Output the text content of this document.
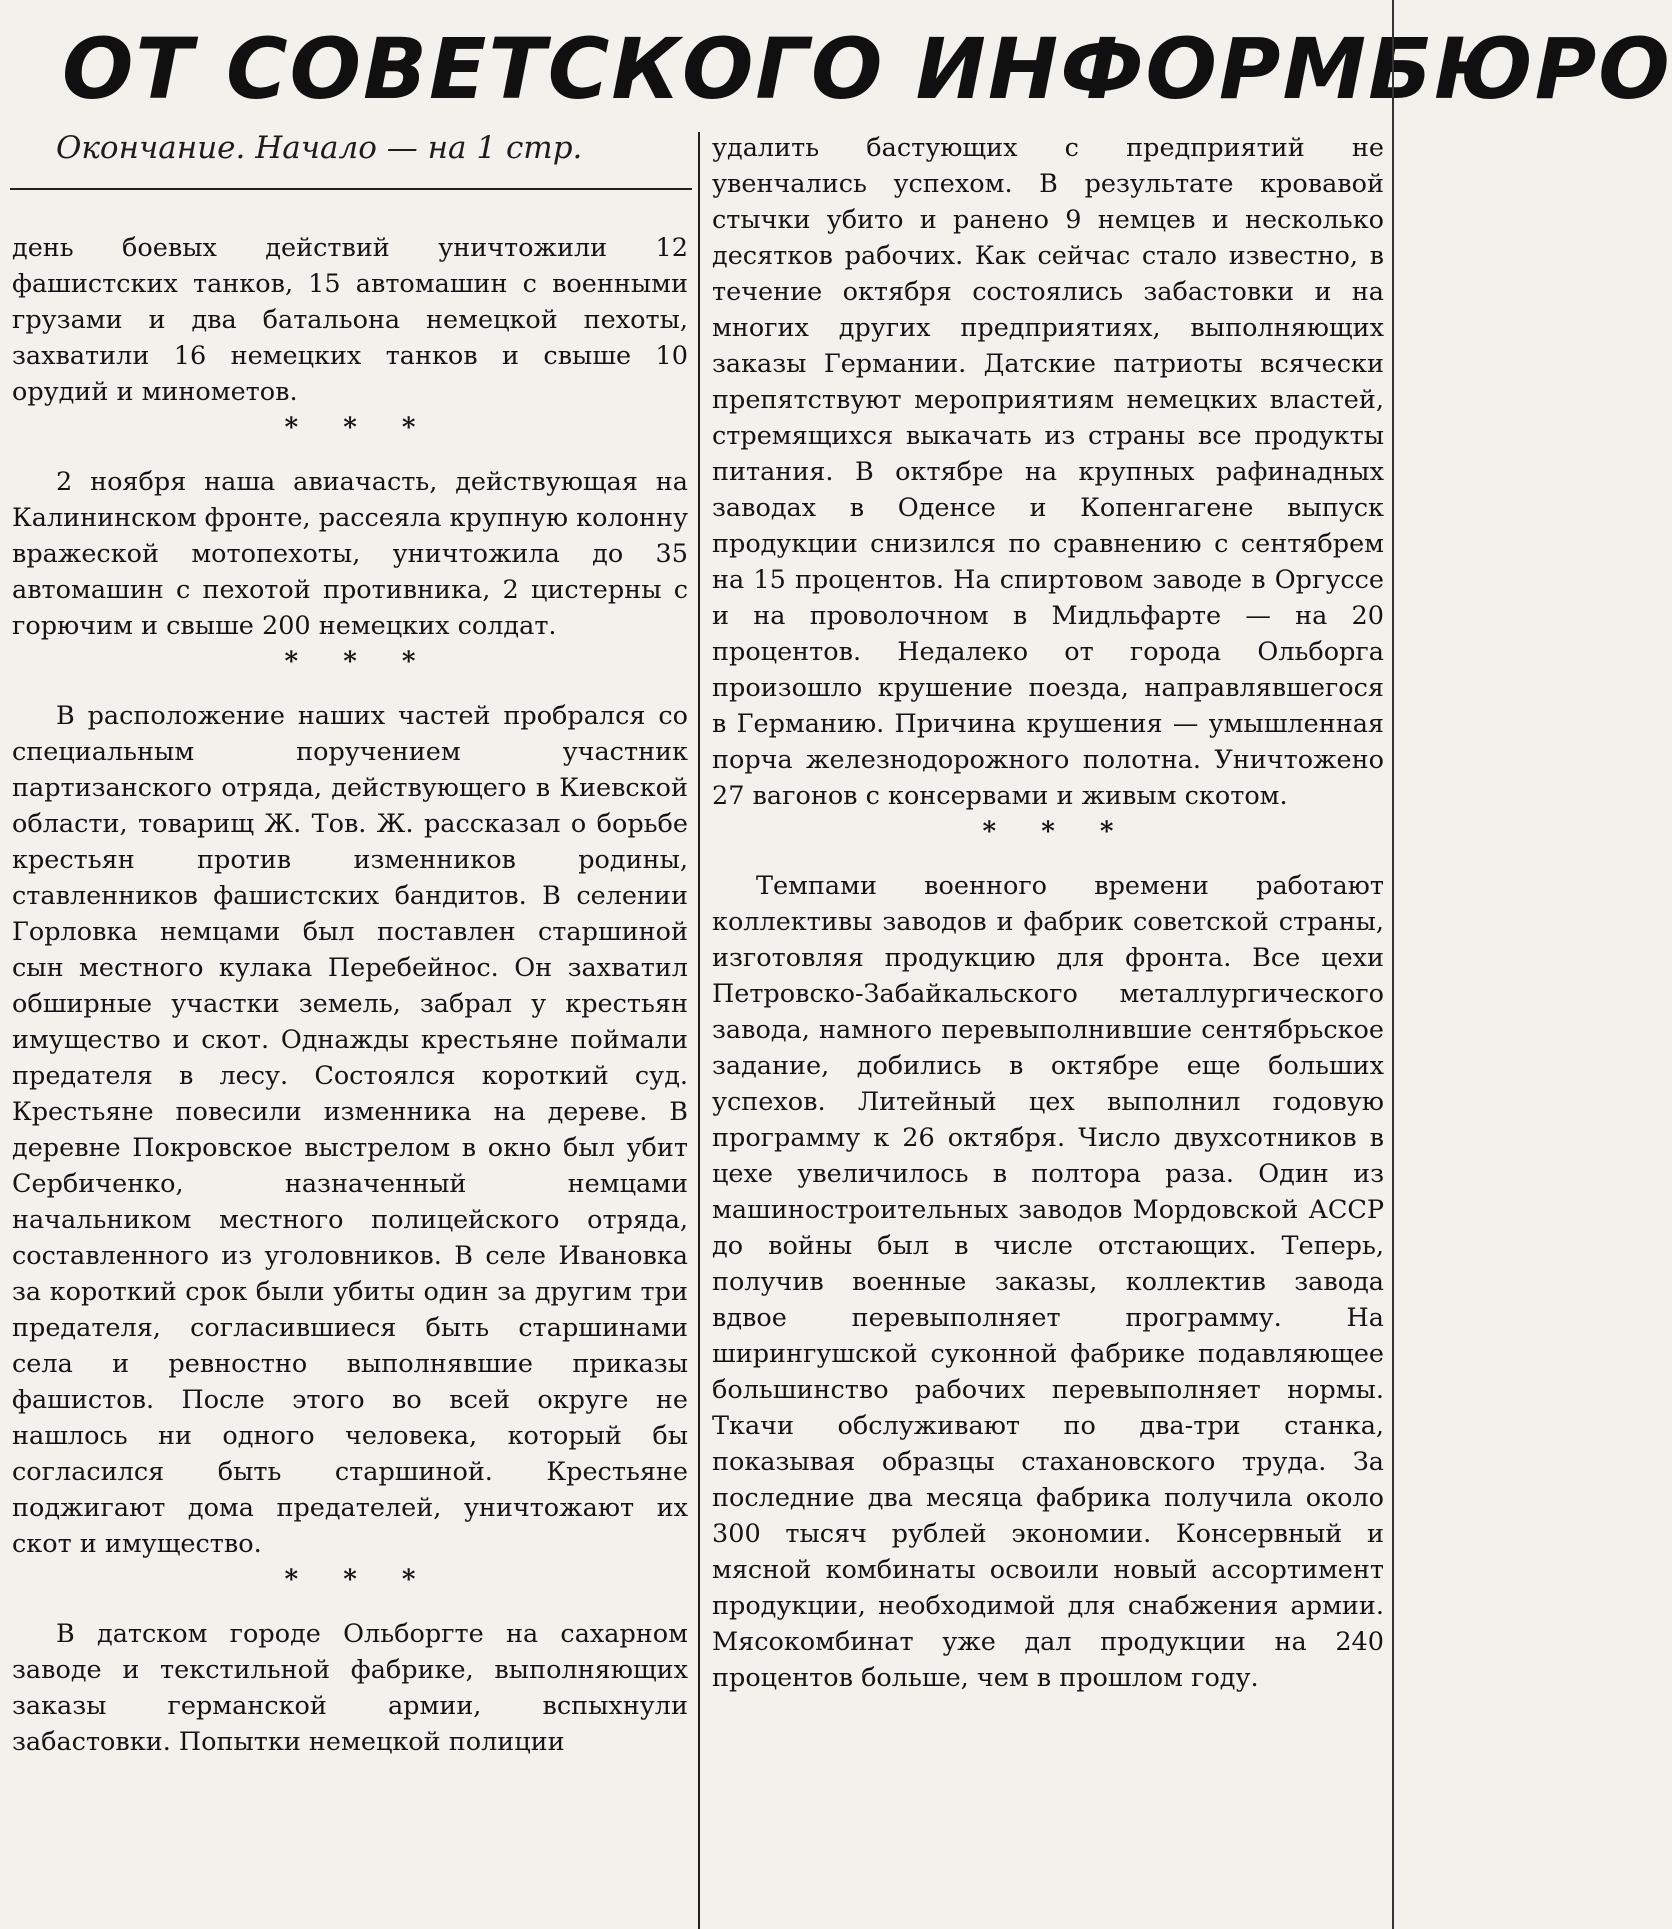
ОТ СОВЕТСКОГО ИНФОРМБЮРО
Окончание. Начало — на 1 стр.

день боевых действий уничтожили 12 фашистских танков, 15 автомашин с военными грузами и два батальона немецкой пехоты, захватили 16 немецких танков и свыше 10 орудий и минометов.

* * *

2 ноября наша авиачасть, действующая на Калининском фронте, рассеяла крупную колонну вражеской мотопехоты, уничтожила до 35 автомашин с пехотой противника, 2 цистерны с горючим и свыше 200 немецких солдат.

* * *

В расположение наших частей пробрался со специальным поручением участник партизанского отряда, действующего в Киевской области, товарищ Ж. Тов. Ж. рассказал о борьбе крестьян против изменников родины, ставленников фашистских бандитов. В селении Горловка немцами был поставлен старшиной сын местного кулака Перебейнос. Он захватил обширные участки земель, забрал у крестьян имущество и скот. Однажды крестьяне поймали предателя в лесу. Состоялся короткий суд. Крестьяне повесили изменника на дереве. В деревне Покровское выстрелом в окно был убит Сербиченко, назначенный немцами начальником местного полицейского отряда, составленного из уголовников. В селе Ивановка за короткий срок были убиты один за другим три предателя, согласившиеся быть старшинами села и ревностно выполнявшие приказы фашистов. После этого во всей округе не нашлось ни одного человека, который бы согласился быть старшиной. Крестьяне поджигают дома предателей, уничтожают их скот и имущество.

* * *

В датском городе Ольборгте на сахарном заводе и текстильной фабрике, выполняющих заказы германской армии, вспыхнули забастовки. Попытки немецкой полиции

удалить бастующих с предприятий не увенчались успехом. В результате кровавой стычки убито и ранено 9 немцев и несколько десятков рабочих. Как сейчас стало известно, в течение октября состоялись забастовки и на многих других предприятиях, выполняющих заказы Германии. Датские патриоты всячески препятствуют мероприятиям немецких властей, стремящихся выкачать из страны все продукты питания. В октябре на крупных рафинадных заводах в Оденсе и Копенгагене выпуск продукции снизился по сравнению с сентябрем на 15 процентов. На спиртовом заводе в Оргуссе и на проволочном в Мидльфарте — на 20 процентов. Недалеко от города Ольборга произошло крушение поезда, направлявшегося в Германию. Причина крушения — умышленная порча железнодорожного полотна. Уничтожено 27 вагонов с консервами и живым скотом.

* * *

Темпами военного времени работают коллективы заводов и фабрик советской страны, изготовляя продукцию для фронта. Все цехи Петровско-Забайкальского металлургического завода, намного перевыполнившие сентябрьское задание, добились в октябре еще больших успехов. Литейный цех выполнил годовую программу к 26 октября. Число двухсотников в цехе увеличилось в полтора раза. Один из машиностроительных заводов Мордовской АССР до войны был в числе отстающих. Теперь, получив военные заказы, коллектив завода вдвое перевыполняет программу. На ширингушской суконной фабрике подавляющее большинство рабочих перевыполняет нормы. Ткачи обслуживают по два-три станка, показывая образцы стахановского труда. За последние два месяца фабрика получила около 300 тысяч рублей экономии. Консервный и мясной комбинаты освоили новый ассортимент продукции, необходимой для снабжения армии. Мясокомбинат уже дал продукции на 240 процентов больше, чем в прошлом году.
